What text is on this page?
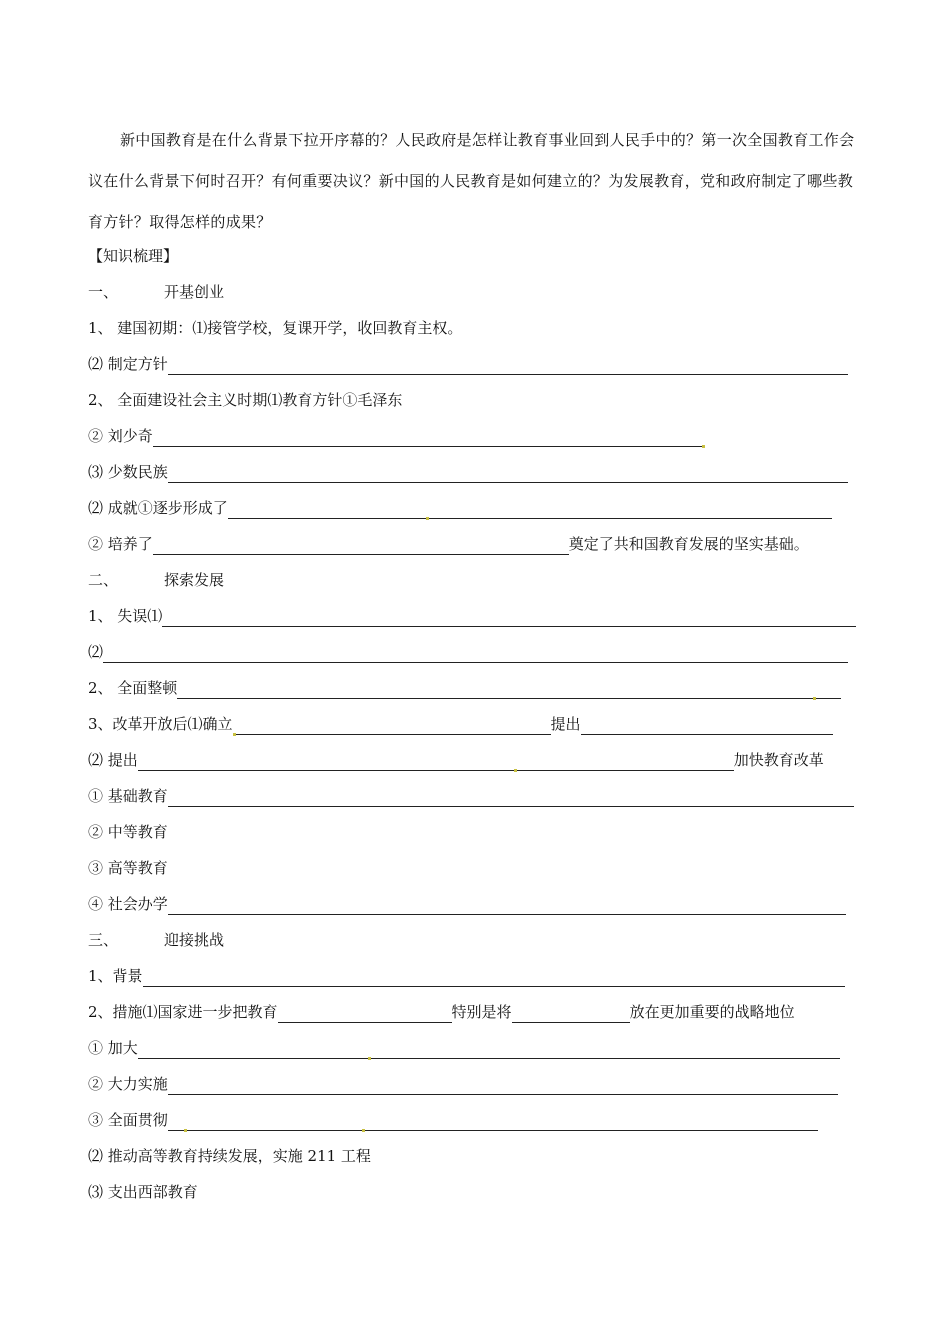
新中国教育是在什么背景下拉开序幕的？人民政府是怎样让教育事业回到人民手中的？第一次全国教育工作会议在什么背景下何时召开？有何重要决议？新中国的人民教育是如何建立的？为发展教育，党和政府制定了哪些教育方针？取得怎样的成果？

【知识梳理】
一、	开基创业
1、 建国初期：⑴接管学校，复课开学，收回教育主权。
⑵ 制定方针
2、 全面建设社会主义时期⑴教育方针①毛泽东
② 刘少奇
⑶ 少数民族
⑵ 成就①逐步形成了
② 培养了	奠定了共和国教育发展的坚实基础。
二、	探索发展
1、 失误⑴
⑵
2、 全面整顿
3、改革开放后⑴确立	提出
⑵ 提出	加快教育改革
① 基础教育
② 中等教育
③ 高等教育
④ 社会办学
三、	迎接挑战
1、背景
2、措施⑴国家进一步把教育	特别是将	放在更加重要的战略地位
① 加大
② 大力实施
③ 全面贯彻
⑵ 推动高等教育持续发展，实施 211 工程
⑶ 支出西部教育
